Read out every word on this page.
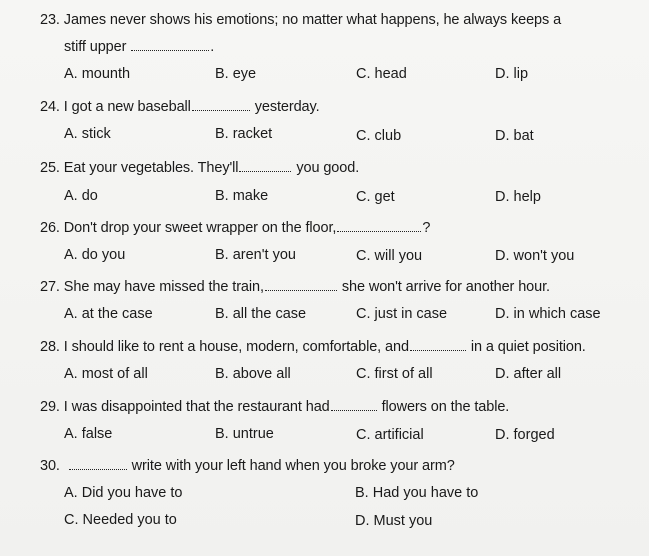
23. James never shows his emotions; no matter what happens, he always keeps a
stiff upper	.
A. mounth	B. eye	C. head	D. lip
24. I got a new baseball	yesterday.
A. stick	B. racket	C. club	D. bat
25. Eat your vegetables. They'll	you good.
A. do	B. make	C. get	D. help
26. Don't drop your sweet wrapper on the floor,	?
A. do you	B. aren't you	C. will you	D. won't you
27. She may have missed the train,	she won't arrive for another hour.
A. at the case	B. all the case	C. just in case	D. in which case
28. I should like to rent a house, modern, comfortable, and	in a quiet position.
A. most of all	B. above all	C. first of all	D. after all
29. I was disappointed that the restaurant had	flowers on the table.
A. false	B. untrue	C. artificial	D. forged
30.	write with your left hand when you broke your arm?
A. Did you have to	B. Had you have to
C. Needed you to	D. Must you
